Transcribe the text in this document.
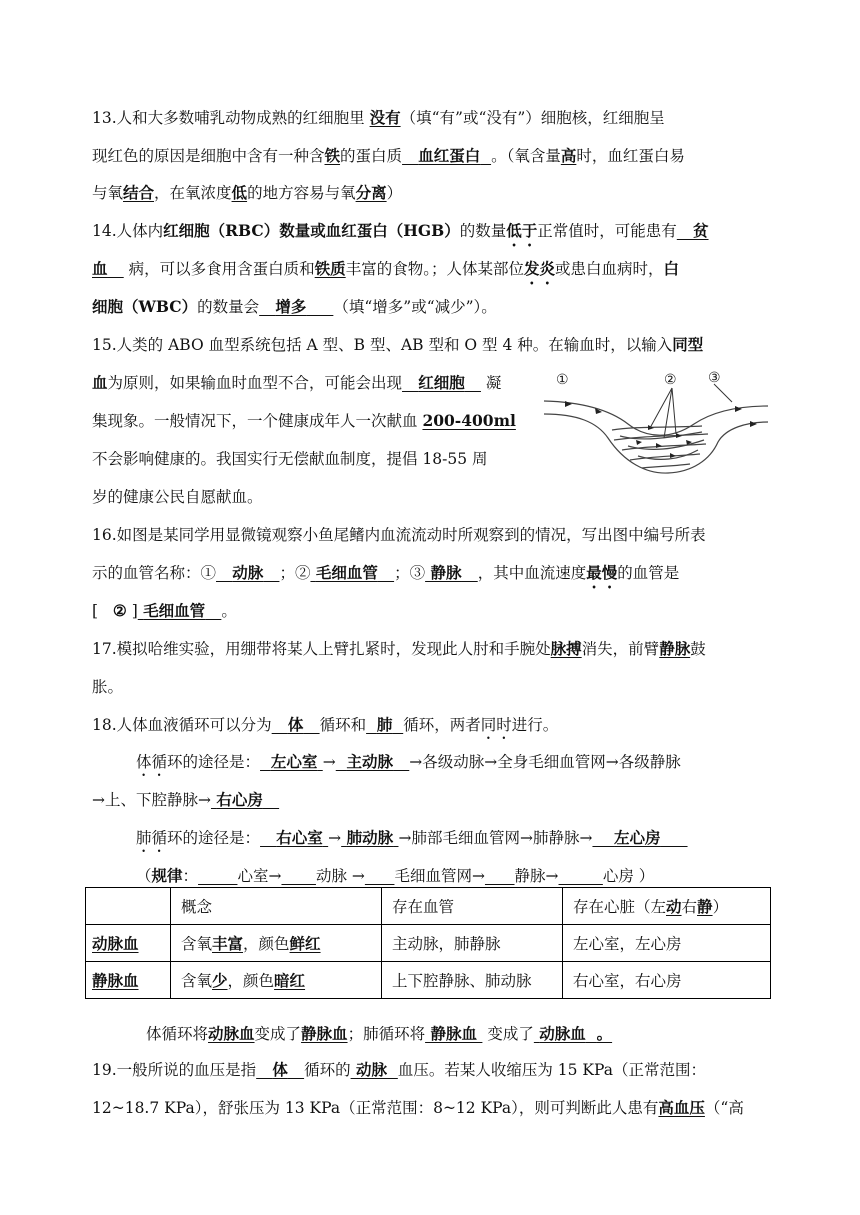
13.人和大多数哺乳动物成熟的红细胞里 没有（填“有”或“没有”）细胞核，红细胞呈
现红色的原因是细胞中含有一种含铁的蛋白质 血红蛋白 。（氧含量高时，血红蛋白易
与氧结合，在氧浓度低的地方容易与氧分离）
14.人体内红细胞（RBC）数量或血红蛋白（HGB）的数量低于正常值时，可能患有 贫
血 病，可以多食用含蛋白质和铁质丰富的食物。；人体某部位发炎或患白血病时，白
细胞（WBC）的数量会 增多 （填“增多”或“减少”）。
15.人类的 ABO 血型系统包括 A 型、B 型、AB 型和 O 型 4 种。在输血时，以输入同型
血为原则，如果输血时血型不合，可能会出现 红细胞 凝
集现象。一般情况下，一个健康成年人一次献血 200-400ml
不会影响健康的。我国实行无偿献血制度，提倡 18-55 周
岁的健康公民自愿献血。
①	② ③
16.如图是某同学用显微镜观察小鱼尾鳍内血流流动时所观察到的情况，写出图中编号所表
示的血管名称：① 动脉 ；② 毛细血管 ；③ 静脉 ，其中血流速度最慢的血管是
[ ② ] 毛细血管 。
17.模拟哈维实验，用绷带将某人上臂扎紧时，发现此人肘和手腕处脉搏消失，前臂静脉鼓
胀。
18.人体血液循环可以分为 体 循环和 肺 循环，两者同时进行。
体循环的途径是： 左心室 → 主动脉 →各级动脉→全身毛细血管网→各级静脉
→上、下腔静脉→ 右心房
肺循环的途径是： 右心室 → 肺动脉 →肺部毛细血管网→肺静脉→ 左心房
（规律：	心室→ 动脉 → 毛细血管网→ 静脉→	心房 ）
	概念	存在血管	存在心脏（左动右静）
动脉血	含氧丰富，颜色鲜红	主动脉，肺静脉	左心室，左心房
静脉血	含氧少，颜色暗红	上下腔静脉、肺动脉	右心室，右心房
体循环将动脉血变成了静脉血；肺循环将 静脉血 变成了 动脉血 。
19.一般所说的血压是指 体 循环的 动脉 血压。若某人收缩压为 15 KPa（正常范围：
12~18.7 KPa），舒张压为 13 KPa（正常范围：8~12 KPa），则可判断此人患有高血压（“高
